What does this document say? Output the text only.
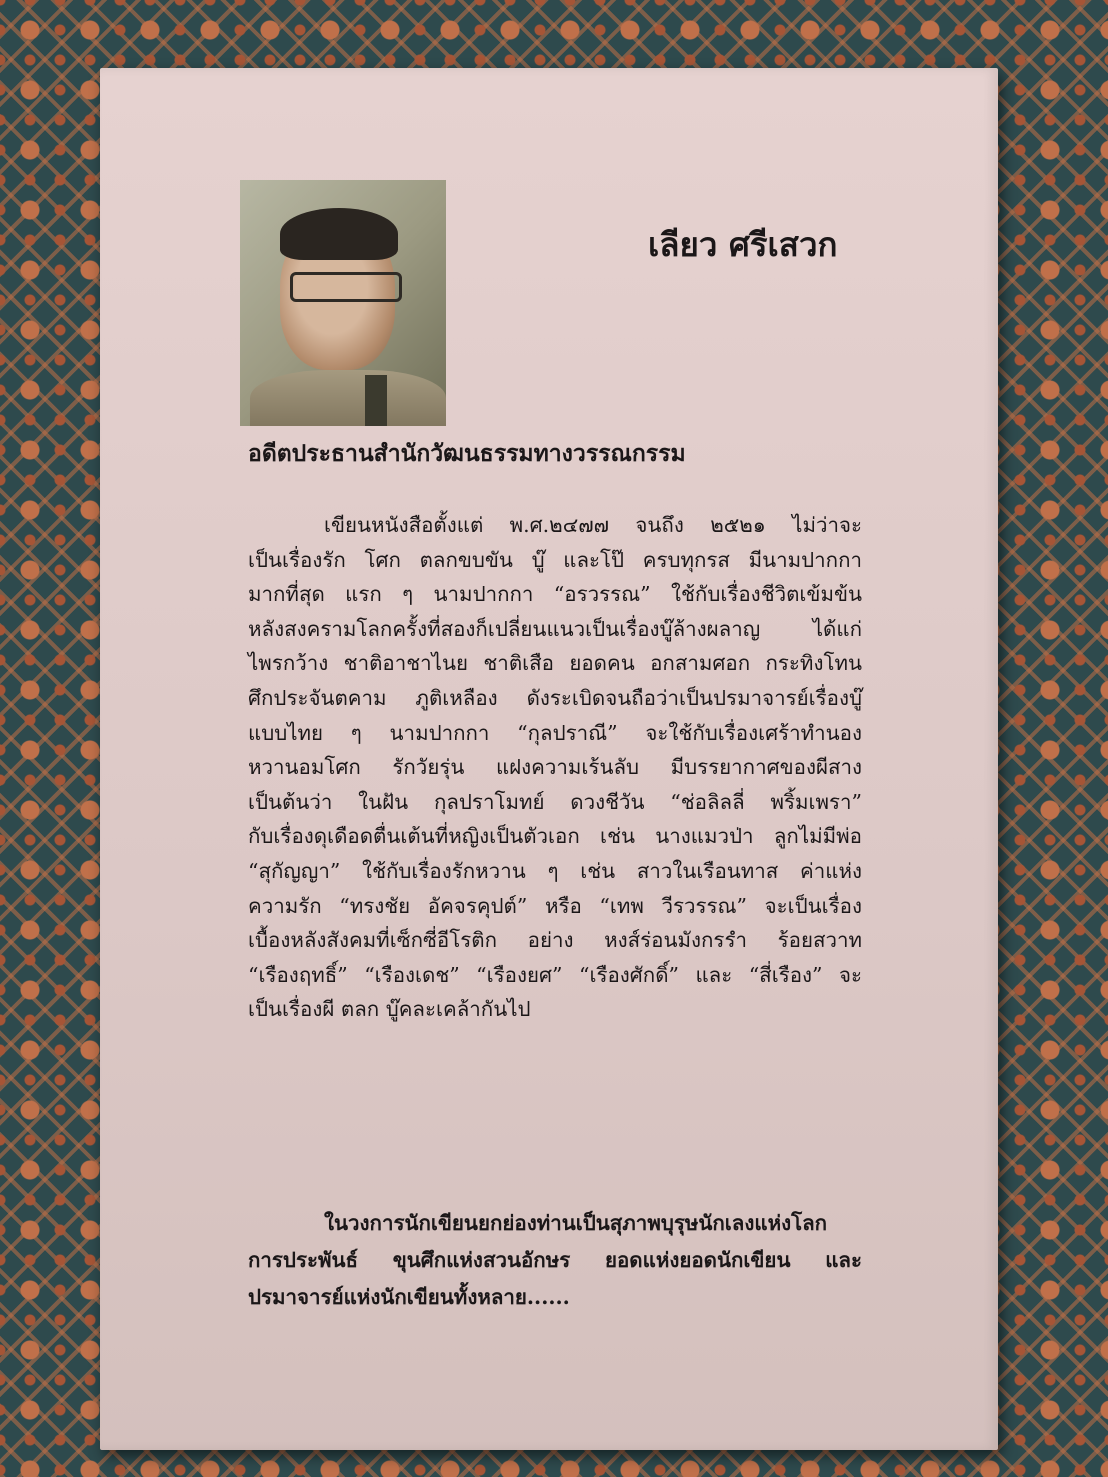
เลียว ศรีเสวก
อดีตประธานสำนักวัฒนธรรมทางวรรณกรรม
เขียนหนังสือตั้งแต่ พ.ศ.๒๔๗๗ จนถึง ๒๕๒๑ ไม่ว่าจะ
เป็นเรื่องรัก โศก ตลกขบขัน บู๊ และโป๊ ครบทุกรส มีนามปากกา
มากที่สุด แรก ๆ นามปากกา “อรวรรณ” ใช้กับเรื่องชีวิตเข้มข้น
หลังสงครามโลกครั้งที่สองก็เปลี่ยนแนวเป็นเรื่องบู๊ล้างผลาญ ได้แก่
ไพรกว้าง ชาติอาชาไนย ชาติเสือ ยอดคน อกสามศอก กระทิงโทน
ศึกประจันตคาม ภูติเหลือง ดังระเบิดจนถือว่าเป็นปรมาจารย์เรื่องบู๊
แบบไทย ๆ นามปากกา “กุลปราณี” จะใช้กับเรื่องเศร้าทำนอง
หวานอมโศก รักวัยรุ่น แฝงความเร้นลับ มีบรรยากาศของผีสาง
เป็นต้นว่า ในฝัน กุลปราโมทย์ ดวงชีวัน “ช่อลิลลี่ พริ้มเพรา”
กับเรื่องดุเดือดตื่นเต้นที่หญิงเป็นตัวเอก เช่น นางแมวป่า ลูกไม่มีพ่อ
“สุกัญญา” ใช้กับเรื่องรักหวาน ๆ เช่น สาวในเรือนทาส ค่าแห่ง
ความรัก “ทรงชัย อัคจรคุปต์” หรือ “เทพ วีรวรรณ” จะเป็นเรื่อง
เบื้องหลังสังคมที่เซ็กซี่อีโรติก อย่าง หงส์ร่อนมังกรรำ ร้อยสวาท
“เรืองฤทธิ์” “เรืองเดช” “เรืองยศ” “เรืองศักดิ์” และ “สี่เรือง” จะ
เป็นเรื่องผี ตลก บู๊คละเคล้ากันไป
ในวงการนักเขียนยกย่องท่านเป็นสุภาพบุรุษนักเลงแห่งโลก
การประพันธ์ ขุนศึกแห่งสวนอักษร ยอดแห่งยอดนักเขียน และ
ปรมาจารย์แห่งนักเขียนทั้งหลาย......
